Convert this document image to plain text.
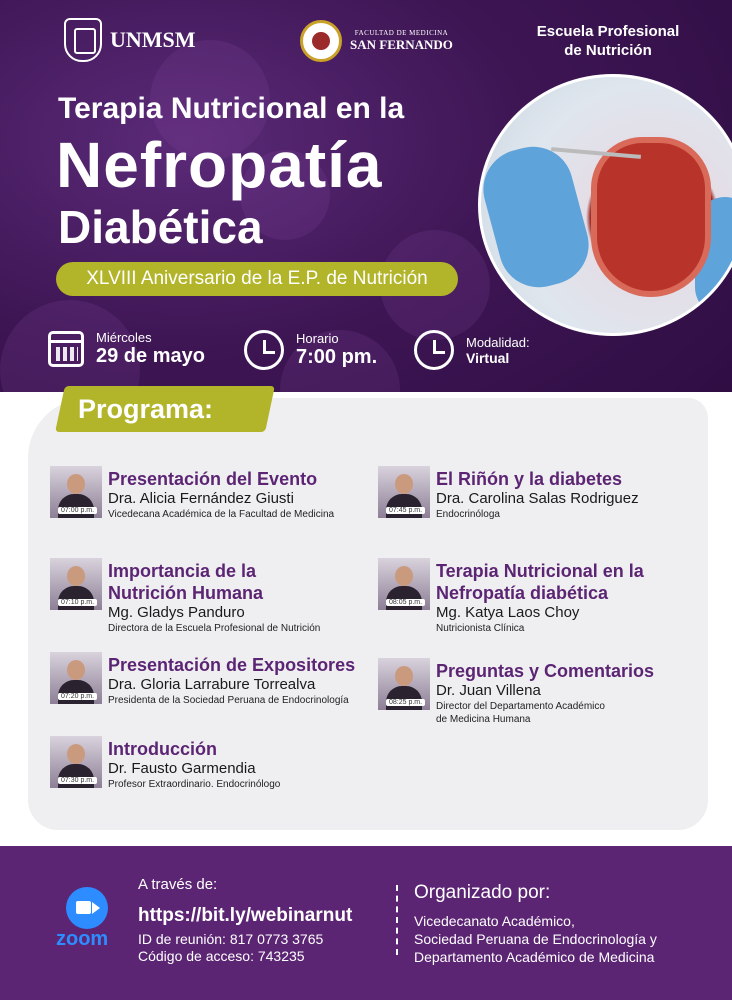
UNMSM	FACULTAD DE MEDICINA
SAN FERNANDO
Escuela Profesional de Nutrición
Terapia Nutricional en la
Nefropatía
Diabética
XLVIII Aniversario de la E.P. de Nutrición
Miércoles
29 de mayo
Horario
7:00 pm.
Modalidad:
Virtual
Programa:
07:00 p.m.
Presentación del Evento
Dra. Alicia Fernández Giusti
Vicedecana Académica de la Facultad de Medicina
07:10 p.m.
Importancia de la
Nutrición Humana
Mg. Gladys Panduro
Directora de la Escuela Profesional de Nutrición
07:20 p.m.
Presentación de Expositores
Dra. Gloria Larrabure Torrealva
Presidenta de la Sociedad Peruana de Endocrinología
07:30 p.m.
Introducción
Dr. Fausto Garmendia
Profesor Extraordinario. Endocrinólogo
07:45 p.m.
El Riñón y la diabetes
Dra. Carolina Salas Rodriguez
Endocrinóloga
08:05 p.m.
Terapia Nutricional en la
Nefropatía diabética
Mg. Katya Laos Choy
Nutricionista Clínica
08:25 p.m.
Preguntas y Comentarios
Dr. Juan Villena
Director del Departamento Académico
de Medicina Humana
zoom
A través de:
https://bit.ly/webinarnut
ID de reunión: 817 0773 3765
Código de acceso: 743235
Organizado por:
Vicedecanato Académico,
Sociedad Peruana de Endocrinología y
Departamento Académico de Medicina
